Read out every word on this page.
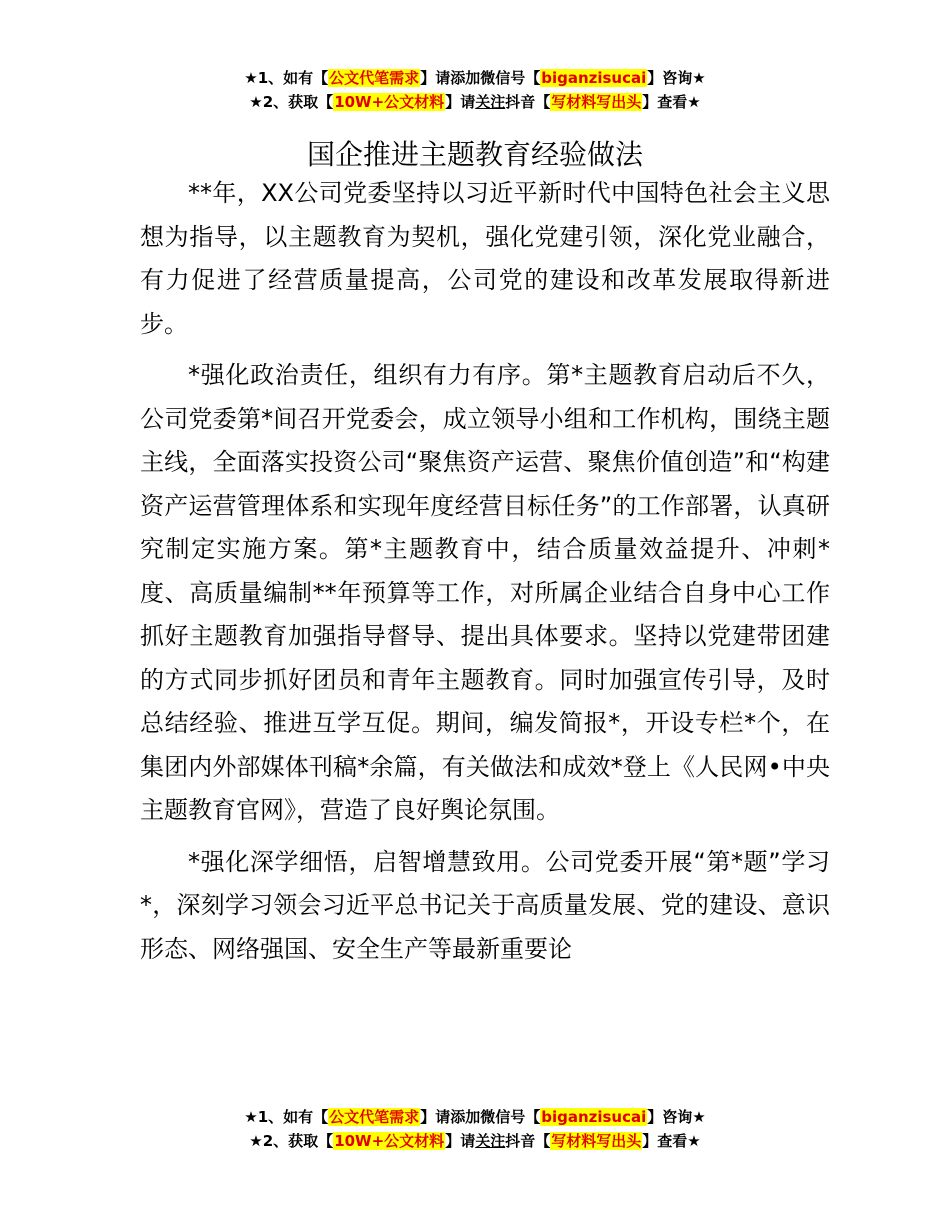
★1、如有【公文代笔需求】请添加微信号【biganzisucai】咨询★
★2、获取【10W+公文材料】请关注抖音【写材料写出头】查看★
国企推进主题教育经验做法

**年，XX公司党委坚持以习近平新时代中国特色社会主义思想为指导，以主题教育为契机，强化党建引领，深化党业融合，有力促进了经营质量提高，公司党的建设和改革发展取得新进步。

*强化政治责任，组织有力有序。第*主题教育启动后不久，公司党委第*间召开党委会，成立领导小组和工作机构，围绕主题主线，全面落实投资公司“聚焦资产运营、聚焦价值创造”和“构建资产运营管理体系和实现年度经营目标任务”的工作部署，认真研究制定实施方案。第*主题教育中，结合质量效益提升、冲刺*度、高质量编制**年预算等工作，对所属企业结合自身中心工作抓好主题教育加强指导督导、提出具体要求。坚持以党建带团建的方式同步抓好团员和青年主题教育。同时加强宣传引导，及时总结经验、推进互学互促。期间，编发简报*，开设专栏*个，在集团内外部媒体刊稿*余篇，有关做法和成效*登上《人民网•中央主题教育官网》，营造了良好舆论氛围。

*强化深学细悟，启智增慧致用。公司党委开展“第*题”学习*，深刻学习领会习近平总书记关于高质量发展、党的建设、意识形态、网络强国、安全生产等最新重要论

★1、如有【公文代笔需求】请添加微信号【biganzisucai】咨询★
★2、获取【10W+公文材料】请关注抖音【写材料写出头】查看★
